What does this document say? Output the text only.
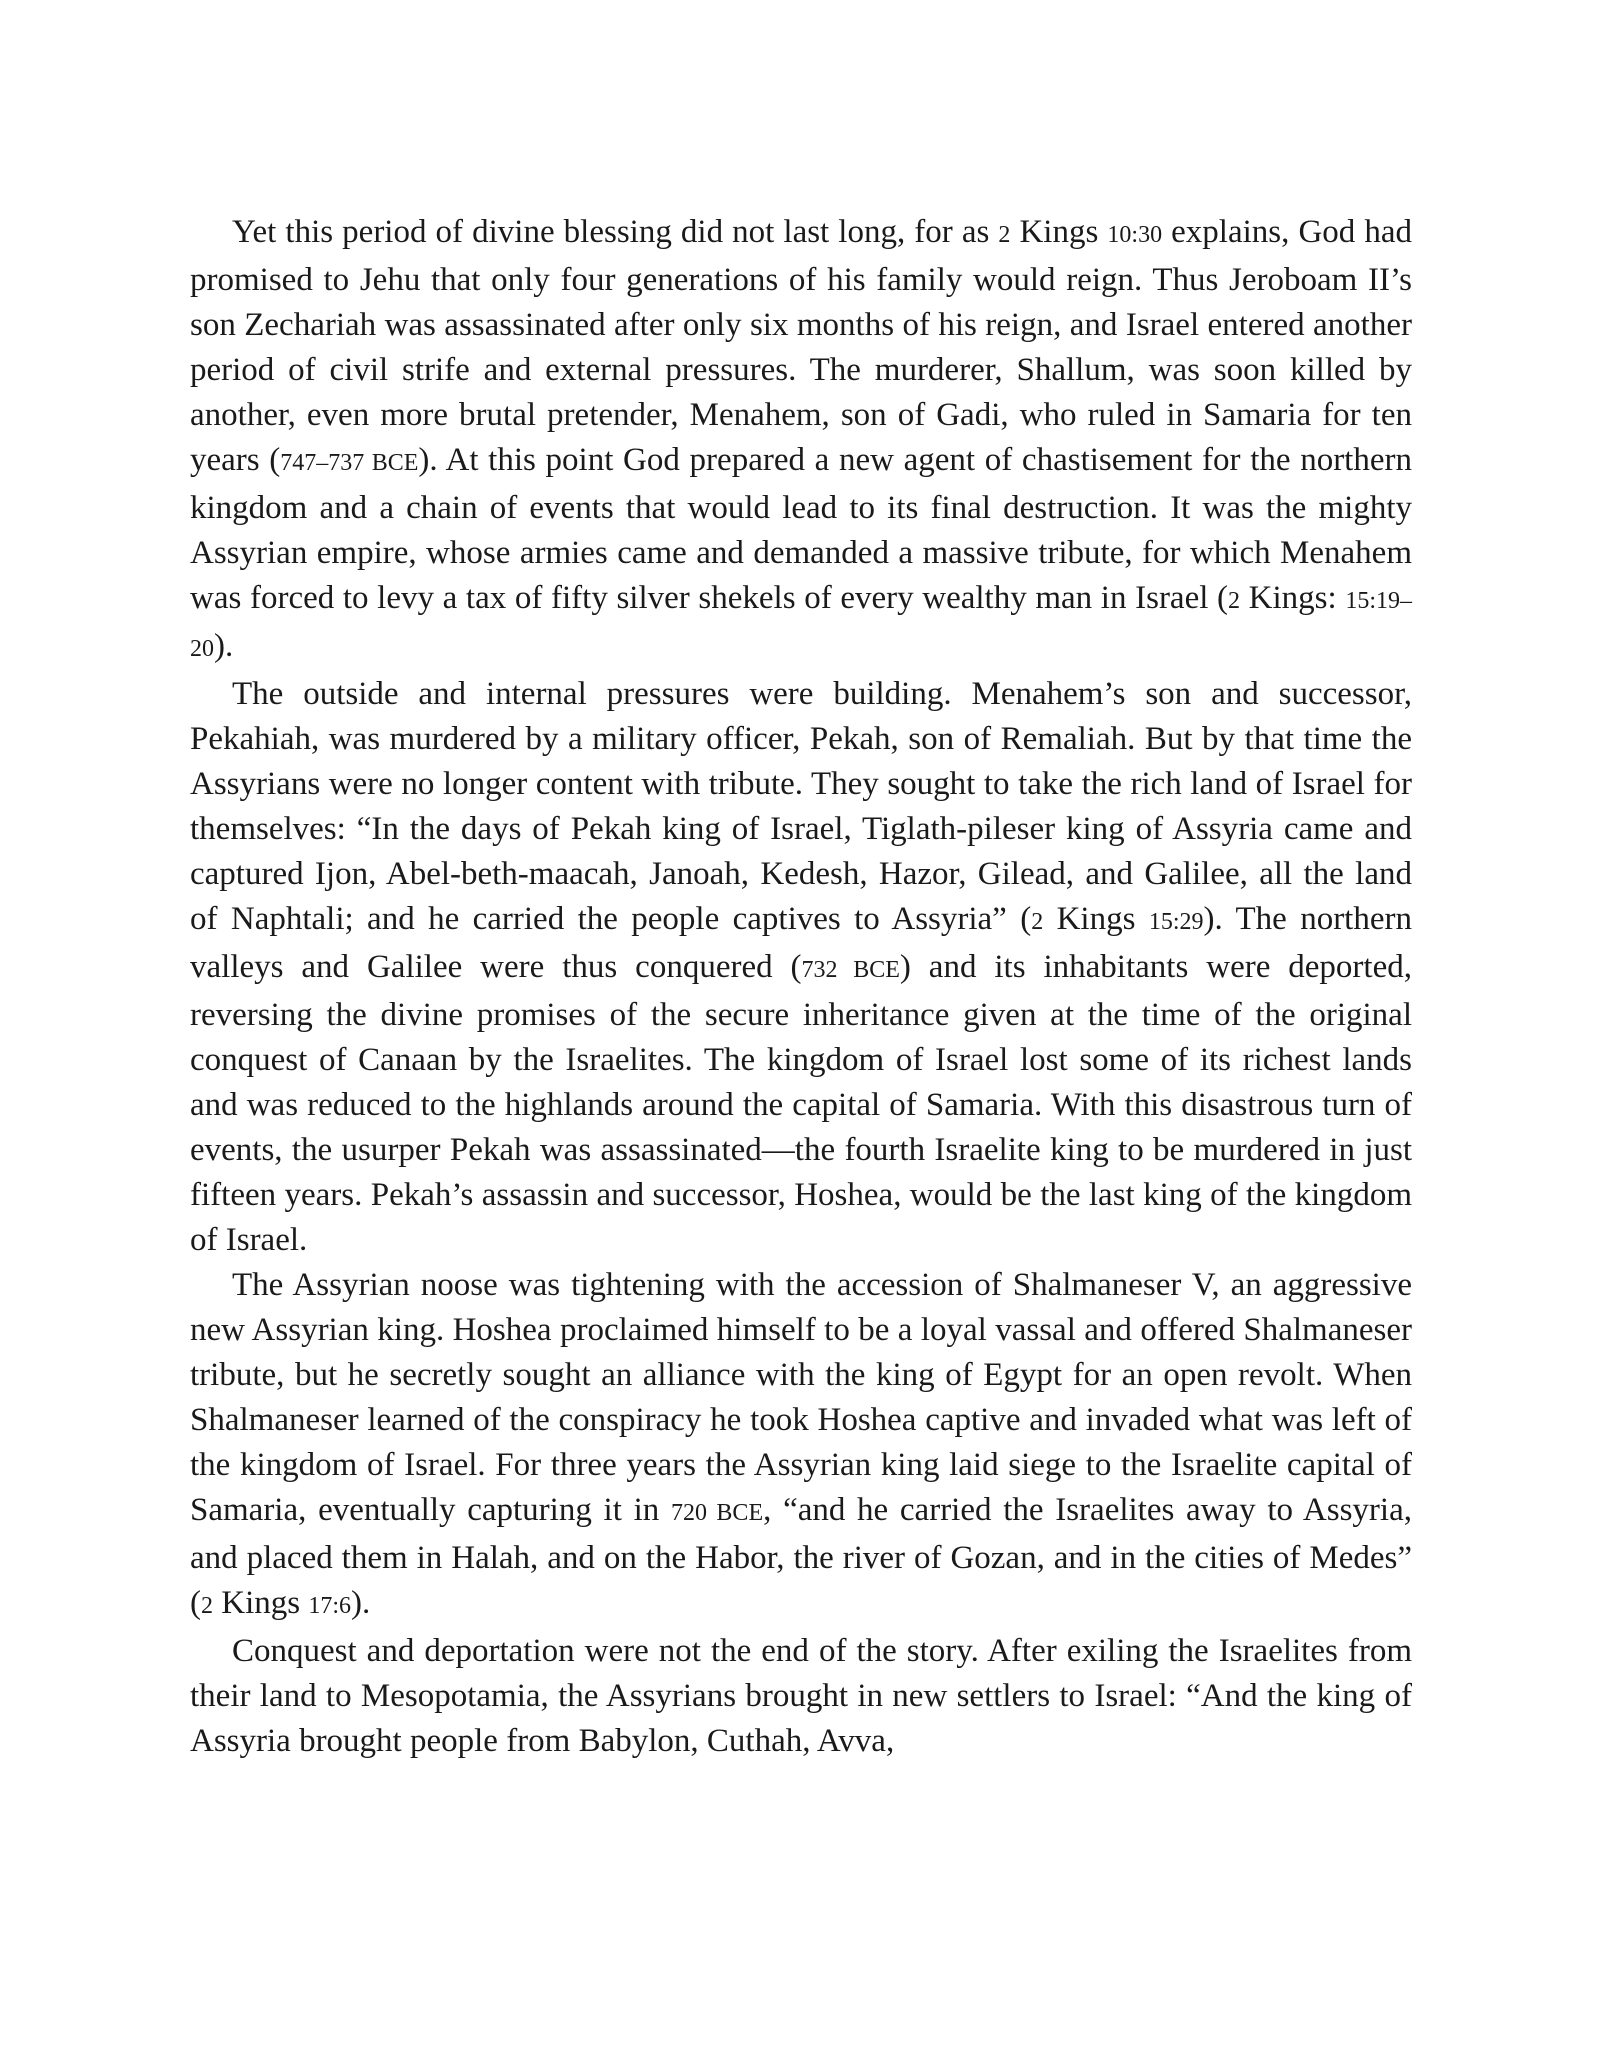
Yet this period of divine blessing did not last long, for as 2 Kings 10:30 explains, God had promised to Jehu that only four generations of his family would reign. Thus Jeroboam II’s son Zechariah was assassinated after only six months of his reign, and Israel entered another period of civil strife and external pressures. The murderer, Shallum, was soon killed by another, even more brutal pretender, Menahem, son of Gadi, who ruled in Samaria for ten years (747–737 BCE). At this point God prepared a new agent of chastisement for the northern kingdom and a chain of events that would lead to its final destruction. It was the mighty Assyrian empire, whose armies came and demanded a massive tribute, for which Menahem was forced to levy a tax of fifty silver shekels of every wealthy man in Israel (2 Kings: 15:19–20).

The outside and internal pressures were building. Menahem’s son and successor, Pekahiah, was murdered by a military officer, Pekah, son of Remaliah. But by that time the Assyrians were no longer content with tribute. They sought to take the rich land of Israel for themselves: “In the days of Pekah king of Israel, Tiglath-pileser king of Assyria came and captured Ijon, Abel-beth-maacah, Janoah, Kedesh, Hazor, Gilead, and Galilee, all the land of Naphtali; and he carried the people captives to Assyria” (2 Kings 15:29). The northern valleys and Galilee were thus conquered (732 BCE) and its inhabitants were deported, reversing the divine promises of the secure inheritance given at the time of the original conquest of Canaan by the Israelites. The kingdom of Israel lost some of its richest lands and was reduced to the highlands around the capital of Samaria. With this disastrous turn of events, the usurper Pekah was assassinated—the fourth Israelite king to be murdered in just fifteen years. Pekah’s assassin and successor, Hoshea, would be the last king of the kingdom of Israel.

The Assyrian noose was tightening with the accession of Shalmaneser V, an aggressive new Assyrian king. Hoshea proclaimed himself to be a loyal vassal and offered Shalmaneser tribute, but he secretly sought an alliance with the king of Egypt for an open revolt. When Shalmaneser learned of the conspiracy he took Hoshea captive and invaded what was left of the kingdom of Israel. For three years the Assyrian king laid siege to the Israelite capital of Samaria, eventually capturing it in 720 BCE, “and he carried the Israelites away to Assyria, and placed them in Halah, and on the Habor, the river of Gozan, and in the cities of Medes” (2 Kings 17:6).

Conquest and deportation were not the end of the story. After exiling the Israelites from their land to Mesopotamia, the Assyrians brought in new settlers to Israel: “And the king of Assyria brought people from Babylon, Cuthah, Avva,
